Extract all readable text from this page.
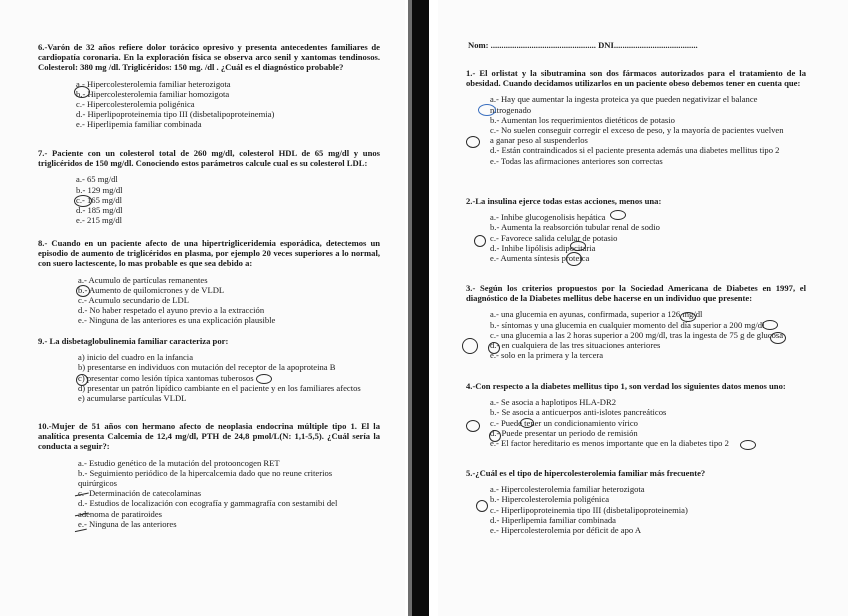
6.-Varón de 32 años refiere dolor torácico opresivo y presenta antecedentes familiares de cardiopatía coronaria. En la exploración física se observa arco senil y xantomas tendinosos. Colesterol: 380 mg /dl. Triglicéridos: 150 mg. /dl . ¿Cuál es el diagnóstico probable?

a.- Hipercolesterolemia familiar heterozigota
b.- Hipercolesterolemia familiar homozigota
c.- Hipercolesterolemia poligénica
d.- Hiperlipoproteinemia tipo III (disbetalipoproteinemia)
e.- Hiperlipemia familiar combinada

7.- Paciente con un colesterol total de 260 mg/dl, colesterol HDL de 65 mg/dl y unos triglicéridos de 150 mg/dl. Conociendo estos parámetros calcule cual es su colesterol LDL:

a.- 65 mg/dl
b.- 129 mg/dl
c.- 165 mg/dl
d.- 185 mg/dl
e.- 215 mg/dl

8.- Cuando en un paciente afecto de una hipertrigliceridemia esporádica, detectemos un episodio de aumento de triglicéridos en plasma, por ejemplo 20 veces superiores a lo normal, con suero lactescente, lo mas probable es que sea debido a:

a.- Acumulo de partículas remanentes
b.- Aumento de quilomicrones y de VLDL
c.- Acumulo secundario de LDL
d.- No haber respetado el ayuno previo a la extracción
e.- Ninguna de las anteriores es una explicación plausible

9.- La disbetaglobulinemia familiar caracteriza por:

a) inicio del cuadro en la infancia
b) presentarse en individuos con mutación del receptor de la apoproteina B
c) presentar como lesión típica xantomas tuberosos
d) presentar un patrón lipídico cambiante en el paciente y en los familiares afectos
e) acumularse partículas VLDL

10.-Mujer de 51 años con hermano afecto de neoplasia endocrina múltiple tipo 1. El la analítica presenta Calcemia de 12,4 mg/dl, PTH de 24,8 pmol/L(N: 1,1-5,5). ¿Cuál sería la conducta a seguir?:

a.- Estudio genético de la mutación del protooncogen RET
b.- Seguimiento periódico de la hipercalcemia dado que no reune criterios quirúrgicos
c.- Determinación de catecolaminas
d.- Estudios de localización con ecografía y gammagrafía con sestamibi del adenoma de paratiroides
e.- Ninguna de las anteriores
Nom: ................................................. DNI.......................................

1.- El orlistat y la sibutramina son dos fármacos autorizados para el tratamiento de la obesidad. Cuando decidamos utilizarlos en un paciente obeso debemos tener en cuenta que:

a.- Hay que aumentar la ingesta proteica ya que pueden negativizar el balance nitrogenado
b.- Aumentan los requerimientos dietéticos de potasio
c.- No suelen conseguir corregir el exceso de peso, y la mayoría de pacientes vuelven a ganar peso al suspenderlos
d.- Están contraindicados si el paciente presenta además una diabetes mellitus tipo 2
e.- Todas las afirmaciones anteriores son correctas

2.-La insulina ejerce todas estas acciones, menos una:

a.- Inhibe glucogenolisis hepática
b.- Aumenta la reabsorción tubular renal de sodio
c.- Favorece salida celular de potasio
d.- Inhibe lipólisis adipocitaria
e.- Aumenta síntesis proteica

3.- Según los criterios propuestos por la Sociedad Americana de Diabetes en 1997, el diagnóstico de la Diabetes mellitus debe hacerse en un individuo que presente:

a.- una glucemia en ayunas, confirmada, superior a 126 mg/dl
b.- síntomas y una glucemia en cualquier momento del día superior a 200 mg/dl
c.- una glucemia a las 2 horas superior a 200 mg/dl, tras la ingesta de 75 g de glucosa
d.- en cualquiera de las tres situaciones anteriores
e.- solo en la primera y la tercera

4.-Con respecto a la diabetes mellitus tipo 1, son verdad los siguientes datos menos uno:

a.- Se asocia a haplotipos HLA-DR2
b.- Se asocia a anticuerpos anti-islotes pancreáticos
c.- Puede tener un condicionamiento vírico
d.- Puede presentar un periodo de remisión
e.- El factor hereditario es menos importante que en la diabetes tipo 2

5.-¿Cuál es el tipo de hipercolesterolemia familiar más frecuente?

a.- Hipercolesterolemia familiar heterozigota
b.- Hipercolesterolemia poligénica
c.- Hiperlipoproteinemia tipo III (disbetalipoproteinemia)
d.- Hiperlipemia familiar combinada
e.- Hipercolesterolemia por déficit de apo A
